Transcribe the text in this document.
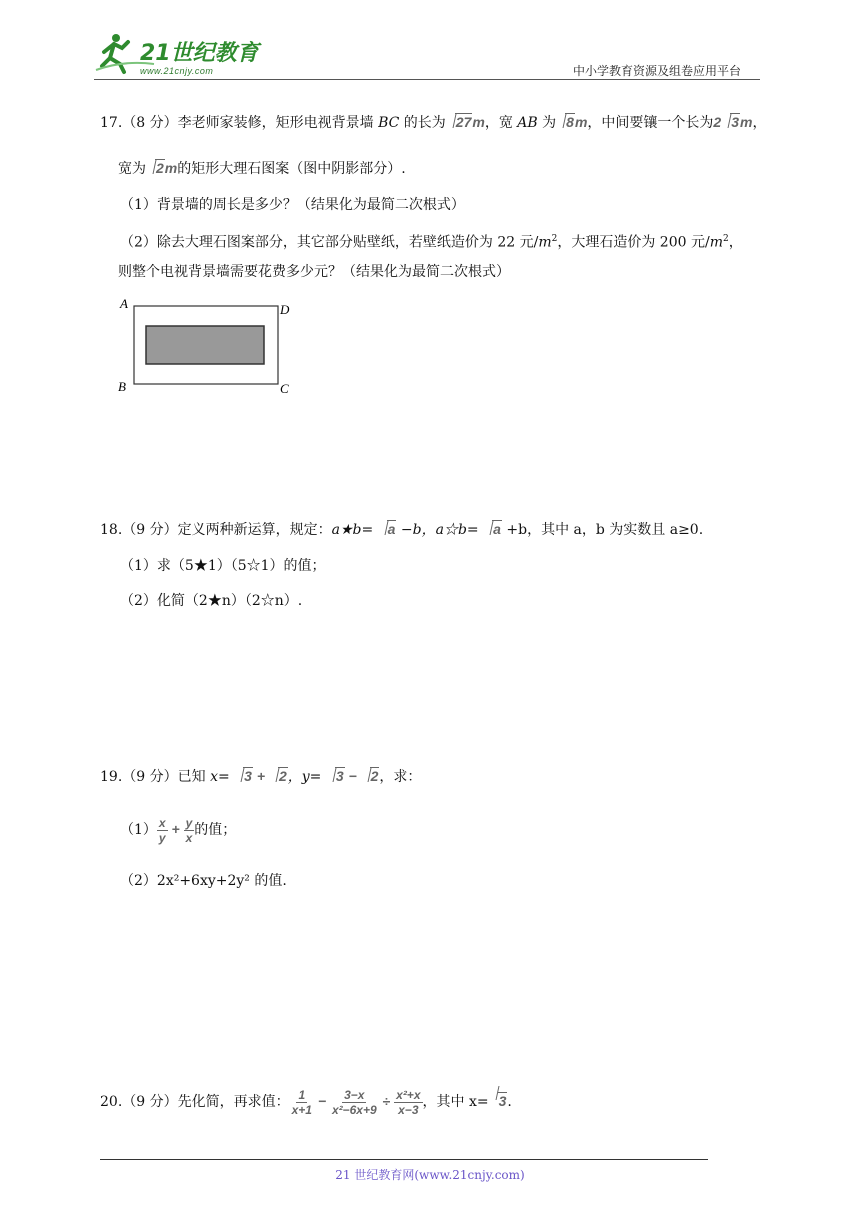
21世纪教育
www.21cnjy.com	中小学教育资源及组卷应用平台
17.（8 分）李老师家装修，矩形电视背景墙 BC 的长为 27m，宽 AB 为 8m，中间要镶一个长为2 3m，
宽为 2m的矩形大理石图案（图中阴影部分）.
（1）背景墙的周长是多少？（结果化为最简二次根式）
（2）除去大理石图案部分，其它部分贴壁纸，若壁纸造价为 22 元$/m^2$，大理石造价为 200 元$/m^2$，
则整个电视背景墙需要花费多少元？（结果化为最简二次根式）
A	D
B	C
18.（9 分）定义两种新运算，规定：a★b= a −b，a☆b= a +b，其中 a，b 为实数且 a≥0.
（1）求（5★1）（5☆1）的值；
（2）化简（2★n）（2☆n）.
19.（9 分）已知 x= 3 + 2，y= 3 − 2，求：
$(1) \frac{x}{y} + \frac{y}{x}$ 的值；
（2）2x²+6xy+2y² 的值.
20.（9 分）先化简，再求值： $\frac{1}{x+1} - \frac{3-x}{\text{x²−6x+9}} \div \frac{\text{x²+x}}{x-3}$ ，其中 x= 3.
21 世纪教育网(www.21cnjy.com)
